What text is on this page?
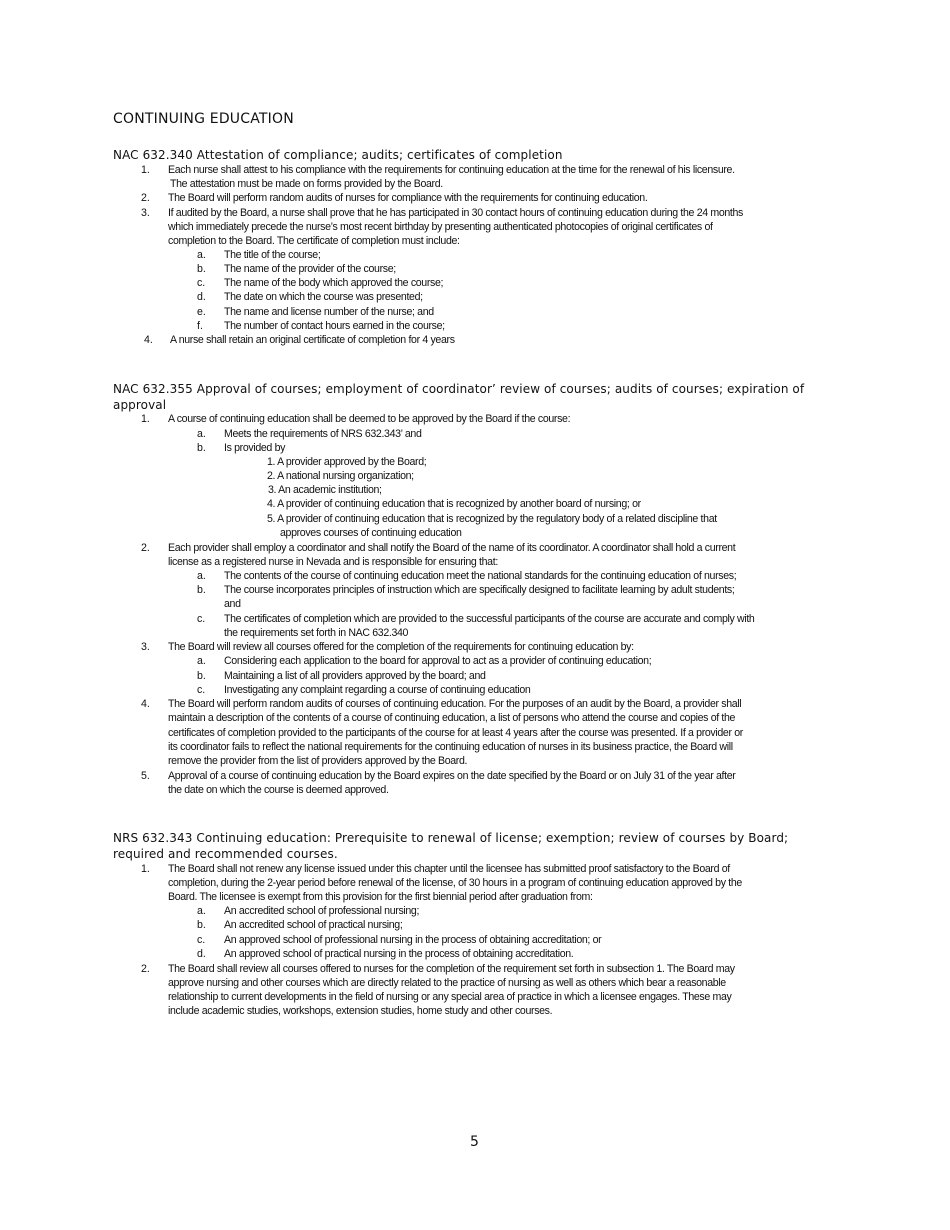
CONTINUING EDUCATION
NAC 632.340 Attestation of compliance; audits; certificates of completion
1. Each nurse shall attest to his compliance with the requirements for continuing education at the time for the renewal of his licensure.
The attestation must be made on forms provided by the Board.
2. The Board will perform random audits of nurses for compliance with the requirements for continuing education.
3. If audited by the Board, a nurse shall prove that he has participated in 30 contact hours of continuing education during the 24 months
which immediately precede the nurse’s most recent birthday by presenting authenticated photocopies of original certificates of
completion to the Board. The certificate of completion must include:
a. The title of the course;
b. The name of the provider of the course;
c. The name of the body which approved the course;
d. The date on which the course was presented;
e. The name and license number of the nurse; and
f. The number of contact hours earned in the course;
4. A nurse shall retain an original certificate of completion for 4 years
NAC 632.355 Approval of courses; employment of coordinator’ review of courses; audits of courses; expiration of approval
1. A course of continuing education shall be deemed to be approved by the Board if the course:
a. Meets the requirements of NRS 632.343’ and
b. Is provided by
1. A provider approved by the Board;
2. A national nursing organization;
3. An academic institution;
4. A provider of continuing education that is recognized by another board of nursing; or
5. A provider of continuing education that is recognized by the regulatory body of a related discipline that
approves courses of continuing education
2. Each provider shall employ a coordinator and shall notify the Board of the name of its coordinator. A coordinator shall hold a current
license as a registered nurse in Nevada and is responsible for ensuring that:
a. The contents of the course of continuing education meet the national standards for the continuing education of nurses;
b. The course incorporates principles of instruction which are specifically designed to facilitate learning by adult students;
and
c. The certificates of completion which are provided to the successful participants of the course are accurate and comply with
the requirements set forth in NAC 632.340
3. The Board will review all courses offered for the completion of the requirements for continuing education by:
a. Considering each application to the board for approval to act as a provider of continuing education;
b. Maintaining a list of all providers approved by the board; and
c. Investigating any complaint regarding a course of continuing education
4. The Board will perform random audits of courses of continuing education. For the purposes of an audit by the Board, a provider shall
maintain a description of the contents of a course of continuing education, a list of persons who attend the course and copies of the
certificates of completion provided to the participants of the course for at least 4 years after the course was presented. If a provider or
its coordinator fails to reflect the national requirements for the continuing education of nurses in its business practice, the Board will
remove the provider from the list of providers approved by the Board.
5. Approval of a course of continuing education by the Board expires on the date specified by the Board or on July 31 of the year after
the date on which the course is deemed approved.
NRS 632.343 Continuing education: Prerequisite to renewal of license; exemption; review of courses by Board; required and recommended courses.
1. The Board shall not renew any license issued under this chapter until the licensee has submitted proof satisfactory to the Board of
completion, during the 2-year period before renewal of the license, of 30 hours in a program of continuing education approved by the
Board. The licensee is exempt from this provision for the first biennial period after graduation from:
a. An accredited school of professional nursing;
b. An accredited school of practical nursing;
c. An approved school of professional nursing in the process of obtaining accreditation; or
d. An approved school of practical nursing in the process of obtaining accreditation.
2. The Board shall review all courses offered to nurses for the completion of the requirement set forth in subsection 1. The Board may
approve nursing and other courses which are directly related to the practice of nursing as well as others which bear a reasonable
relationship to current developments in the field of nursing or any special area of practice in which a licensee engages. These may
include academic studies, workshops, extension studies, home study and other courses.
5
